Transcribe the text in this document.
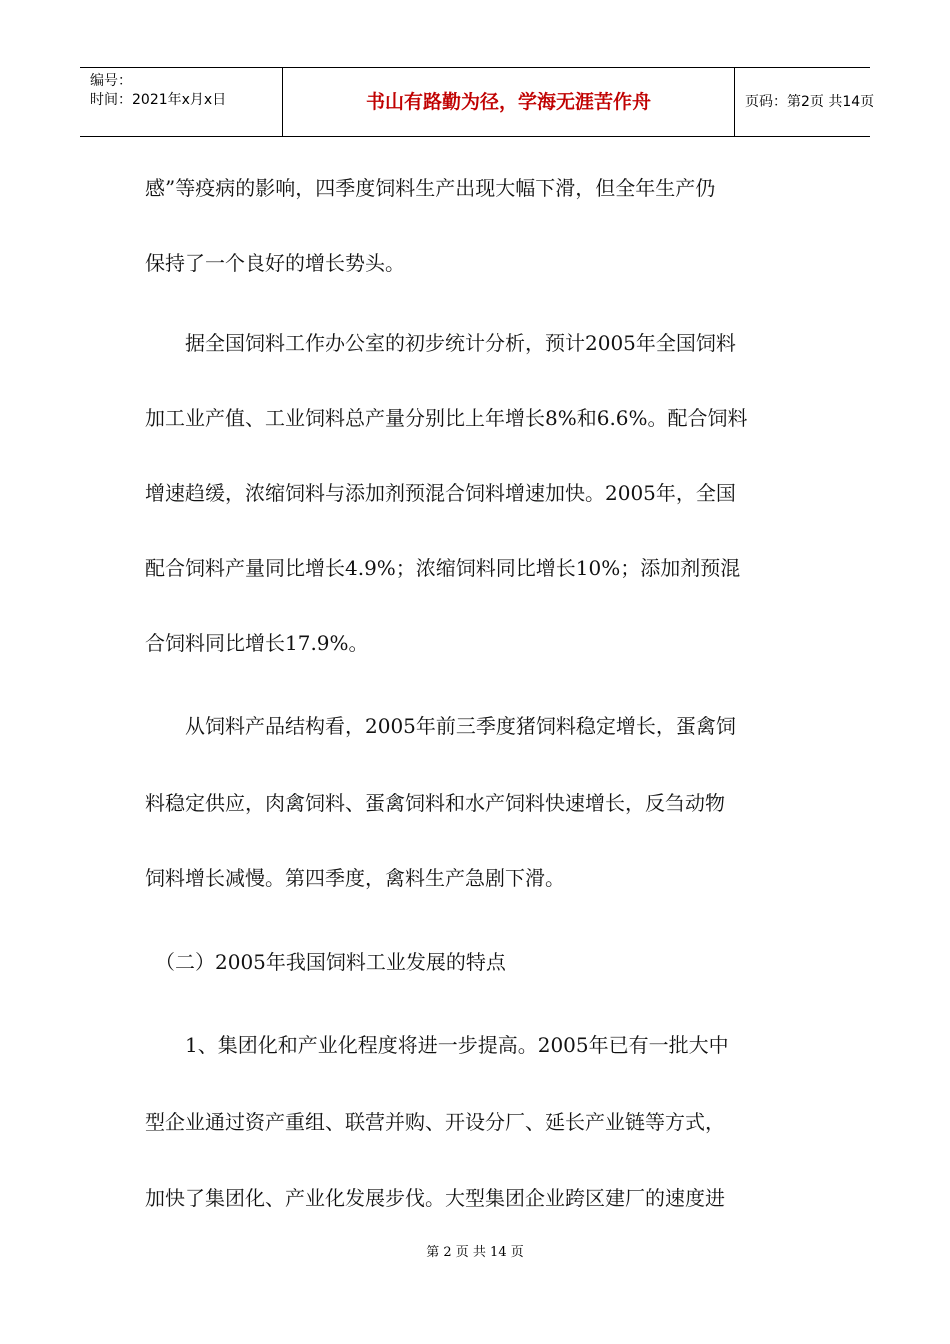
编号：
时间：2021年x月x日	书山有路勤为径，学海无涯苦作舟	页码：第2页 共14页
感”等疫病的影响，四季度饲料生产出现大幅下滑，但全年生产仍
保持了一个良好的增长势头。
　　据全国饲料工作办公室的初步统计分析，预计2005年全国饲料
加工业产值、工业饲料总产量分别比上年增长8%和6.6%。配合饲料
增速趋缓，浓缩饲料与添加剂预混合饲料增速加快。2005年，全国
配合饲料产量同比增长4.9%；浓缩饲料同比增长10%；添加剂预混
合饲料同比增长17.9%。
　　从饲料产品结构看，2005年前三季度猪饲料稳定增长，蛋禽饲
料稳定供应，肉禽饲料、蛋禽饲料和水产饲料快速增长，反刍动物
饲料增长减慢。第四季度，禽料生产急剧下滑。
　（二）2005年我国饲料工业发展的特点
　　1、集团化和产业化程度将进一步提高。2005年已有一批大中
型企业通过资产重组、联营并购、开设分厂、延长产业链等方式，
加快了集团化、产业化发展步伐。大型集团企业跨区建厂的速度进
第 2 页 共 14 页
